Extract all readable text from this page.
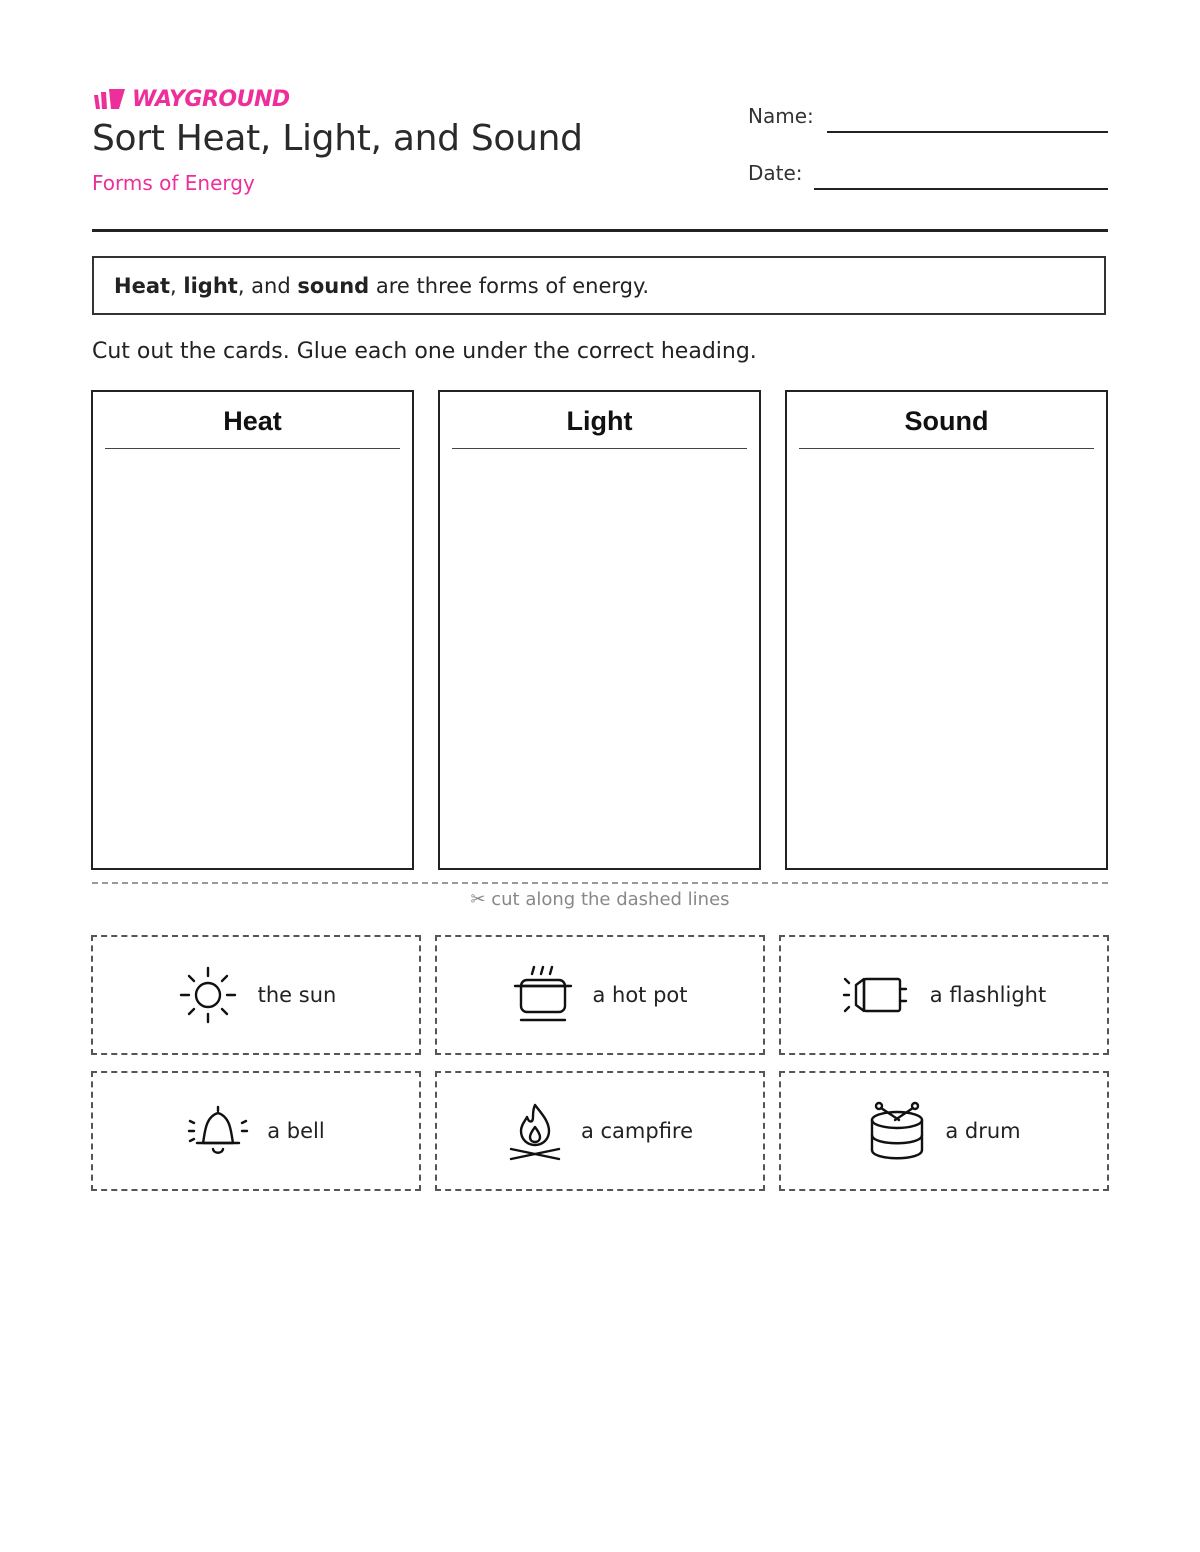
WAYGROUND
Sort Heat, Light, and Sound
Forms of Energy
Name:
Date:
Heat, light, and sound are three forms of energy.
Cut out the cards. Glue each one under the correct heading.
Heat	Light	Sound
✂ cut along the dashed lines
the sun	a hot pot	a flashlight
a bell	a campfire	a drum
